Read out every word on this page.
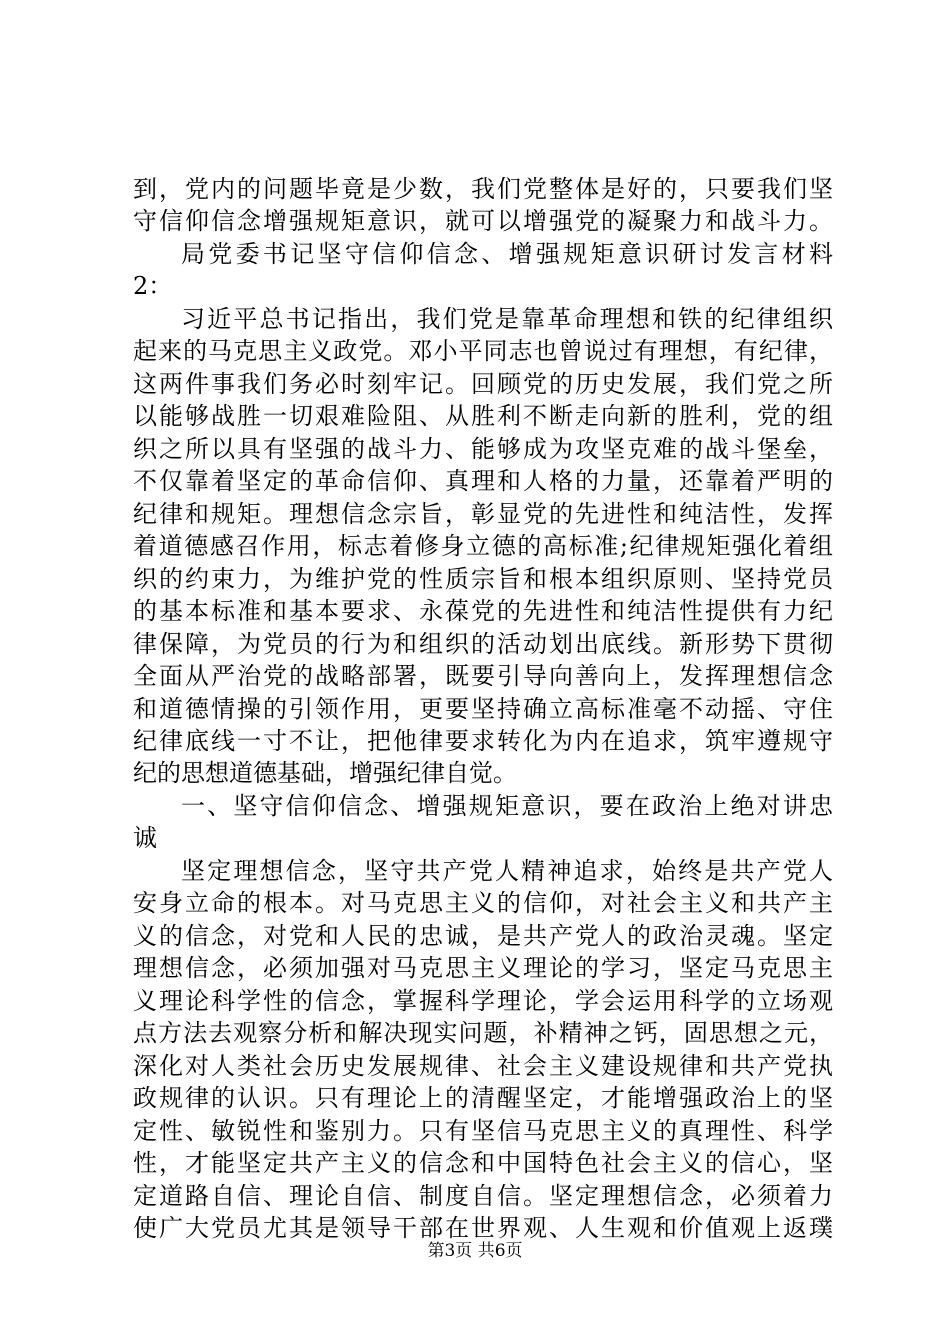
到，党内的问题毕竟是少数，我们党整体是好的，只要我们坚
守信仰信念增强规矩意识，就可以增强党的凝聚力和战斗力。
局党委书记坚守信仰信念、增强规矩意识研讨发言材料
2：
习近平总书记指出，我们党是靠革命理想和铁的纪律组织
起来的马克思主义政党。邓小平同志也曾说过有理想，有纪律，
这两件事我们务必时刻牢记。回顾党的历史发展，我们党之所
以能够战胜一切艰难险阻、从胜利不断走向新的胜利，党的组
织之所以具有坚强的战斗力、能够成为攻坚克难的战斗堡垒，
不仅靠着坚定的革命信仰、真理和人格的力量，还靠着严明的
纪律和规矩。理想信念宗旨，彰显党的先进性和纯洁性，发挥
着道德感召作用，标志着修身立德的高标准;纪律规矩强化着组
织的约束力，为维护党的性质宗旨和根本组织原则、坚持党员
的基本标准和基本要求、永葆党的先进性和纯洁性提供有力纪
律保障，为党员的行为和组织的活动划出底线。新形势下贯彻
全面从严治党的战略部署，既要引导向善向上，发挥理想信念
和道德情操的引领作用，更要坚持确立高标准毫不动摇、守住
纪律底线一寸不让，把他律要求转化为内在追求，筑牢遵规守
纪的思想道德基础，增强纪律自觉。
一、坚守信仰信念、增强规矩意识，要在政治上绝对讲忠
诚
坚定理想信念，坚守共产党人精神追求，始终是共产党人
安身立命的根本。对马克思主义的信仰，对社会主义和共产主
义的信念，对党和人民的忠诚，是共产党人的政治灵魂。坚定
理想信念，必须加强对马克思主义理论的学习，坚定马克思主
义理论科学性的信念，掌握科学理论，学会运用科学的立场观
点方法去观察分析和解决现实问题，补精神之钙，固思想之元，
深化对人类社会历史发展规律、社会主义建设规律和共产党执
政规律的认识。只有理论上的清醒坚定，才能增强政治上的坚
定性、敏锐性和鉴别力。只有坚信马克思主义的真理性、科学
性，才能坚定共产主义的信念和中国特色社会主义的信心，坚
定道路自信、理论自信、制度自信。坚定理想信念，必须着力
使广大党员尤其是领导干部在世界观、人生观和价值观上返璞
第3页 共6页
